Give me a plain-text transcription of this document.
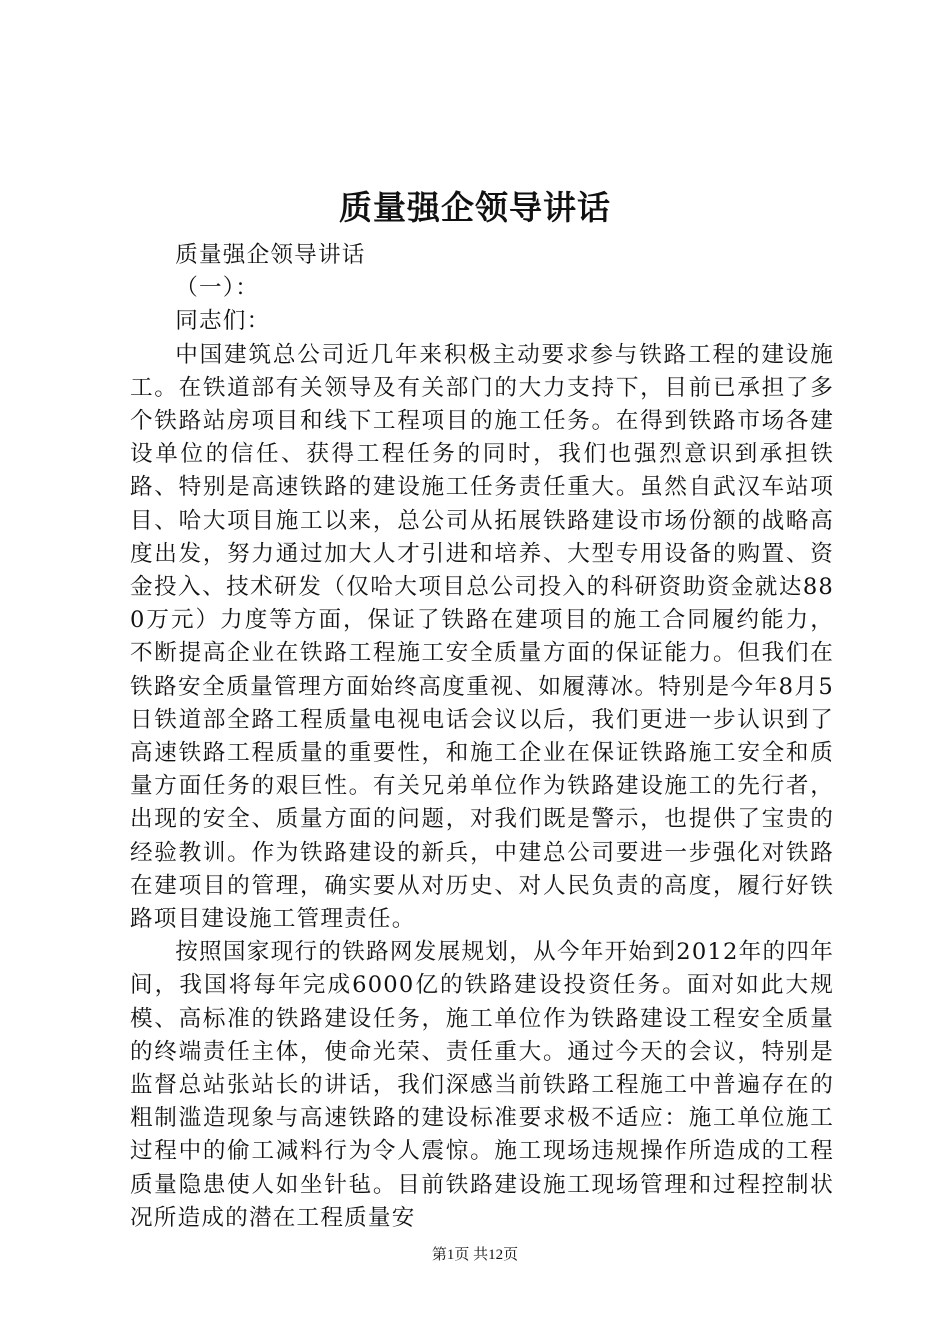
质量强企领导讲话

质量强企领导讲话

（一）：

同志们：

中国建筑总公司近几年来积极主动要求参与铁路工程的建设施工。在铁道部有关领导及有关部门的大力支持下，目前已承担了多个铁路站房项目和线下工程项目的施工任务。在得到铁路市场各建设单位的信任、获得工程任务的同时，我们也强烈意识到承担铁路、特别是高速铁路的建设施工任务责任重大。虽然自武汉车站项目、哈大项目施工以来，总公司从拓展铁路建设市场份额的战略高度出发，努力通过加大人才引进和培养、大型专用设备的购置、资金投入、技术研发（仅哈大项目总公司投入的科研资助资金就达880万元）力度等方面，保证了铁路在建项目的施工合同履约能力，不断提高企业在铁路工程施工安全质量方面的保证能力。但我们在铁路安全质量管理方面始终高度重视、如履薄冰。特别是今年8月5日铁道部全路工程质量电视电话会议以后，我们更进一步认识到了高速铁路工程质量的重要性，和施工企业在保证铁路施工安全和质量方面任务的艰巨性。有关兄弟单位作为铁路建设施工的先行者，出现的安全、质量方面的问题，对我们既是警示，也提供了宝贵的经验教训。作为铁路建设的新兵，中建总公司要进一步强化对铁路在建项目的管理，确实要从对历史、对人民负责的高度，履行好铁路项目建设施工管理责任。

按照国家现行的铁路网发展规划，从今年开始到2012年的四年间，我国将每年完成6000亿的铁路建设投资任务。面对如此大规模、高标准的铁路建设任务，施工单位作为铁路建设工程安全质量的终端责任主体，使命光荣、责任重大。通过今天的会议，特别是监督总站张站长的讲话，我们深感当前铁路工程施工中普遍存在的粗制滥造现象与高速铁路的建设标准要求极不适应：施工单位施工过程中的偷工减料行为令人震惊。施工现场违规操作所造成的工程质量隐患使人如坐针毡。目前铁路建设施工现场管理和过程控制状况所造成的潜在工程质量安

第1页 共12页
